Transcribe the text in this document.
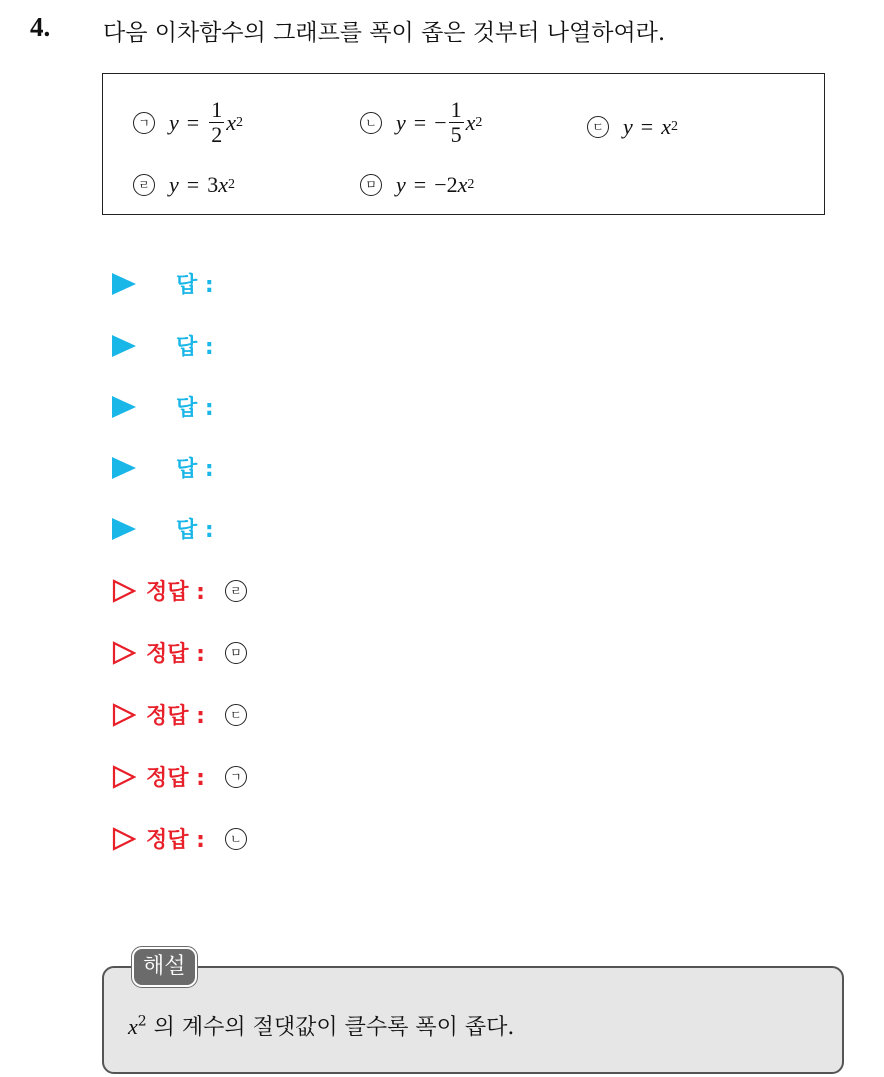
4. 다음 이차함수의 그래프를 폭이 좁은 것부터 나열하여라.
ㄱ $y = \frac{1}{2}$ x 2	ㄴ y = − $\frac{1}{5}$ x 2	ㄷ y = x 2
ㄹ y = 3 x 2	ㅁ y = −2 x 2
답 :
답 :
답 :
답 :
답 :
정답 :	ㄹ
정답 :	ㅁ
정답 :	ㄷ
정답 :	ㄱ
정답 :	ㄴ
해설
$x^2$ 의 계수의 절댓값이 클수록 폭이 좁다.
